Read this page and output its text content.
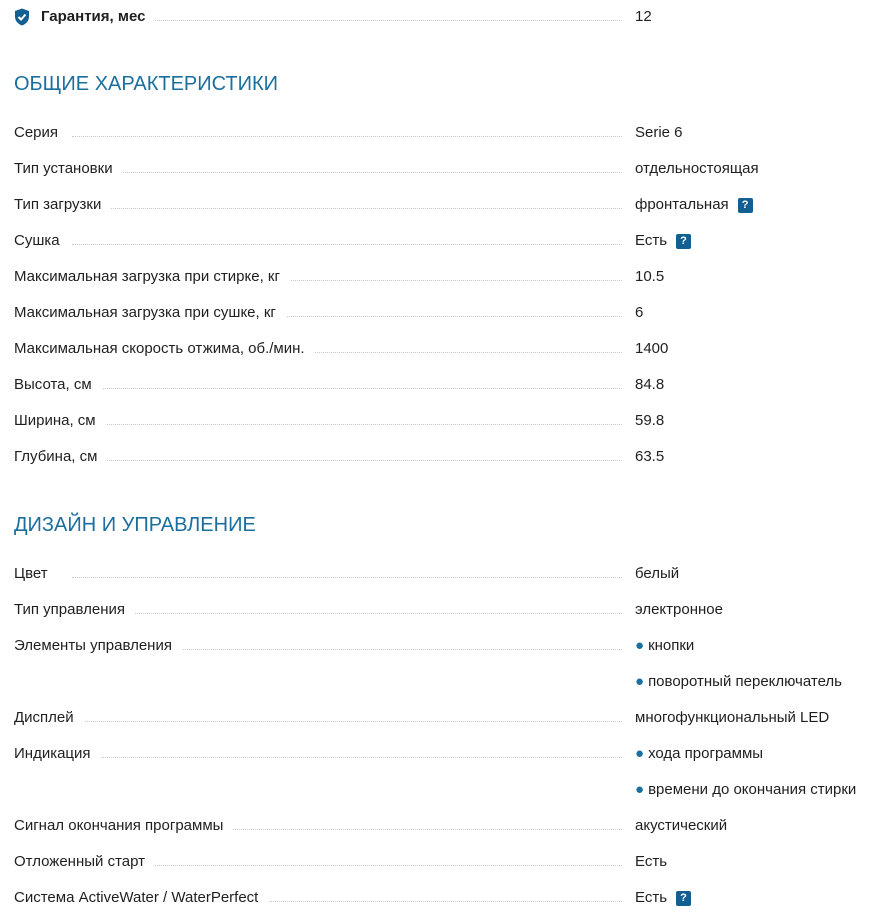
Гарантия, мес	12
ОБЩИЕ ХАРАКТЕРИСТИКИ
Серия	Serie 6
Тип установки	отдельностоящая
Тип загрузки	фронтальная	?
Сушка	Есть	?
Максимальная загрузка при стирке, кг	10.5
Максимальная загрузка при сушке, кг	6
Максимальная скорость отжима, об./мин.	1400
Высота, см	84.8
Ширина, см	59.8
Глубина, см	63.5
ДИЗАЙН И УПРАВЛЕНИЕ
Цвет	белый
Тип управления	электронное
Элементы управления	● кнопки
● поворотный переключатель
Дисплей	многофункциональный LED
Индикация	● хода программы
● времени до окончания стирки
Сигнал окончания программы	акустический
Отложенный старт	Есть
Система ActiveWater / WaterPerfect	Есть	?
